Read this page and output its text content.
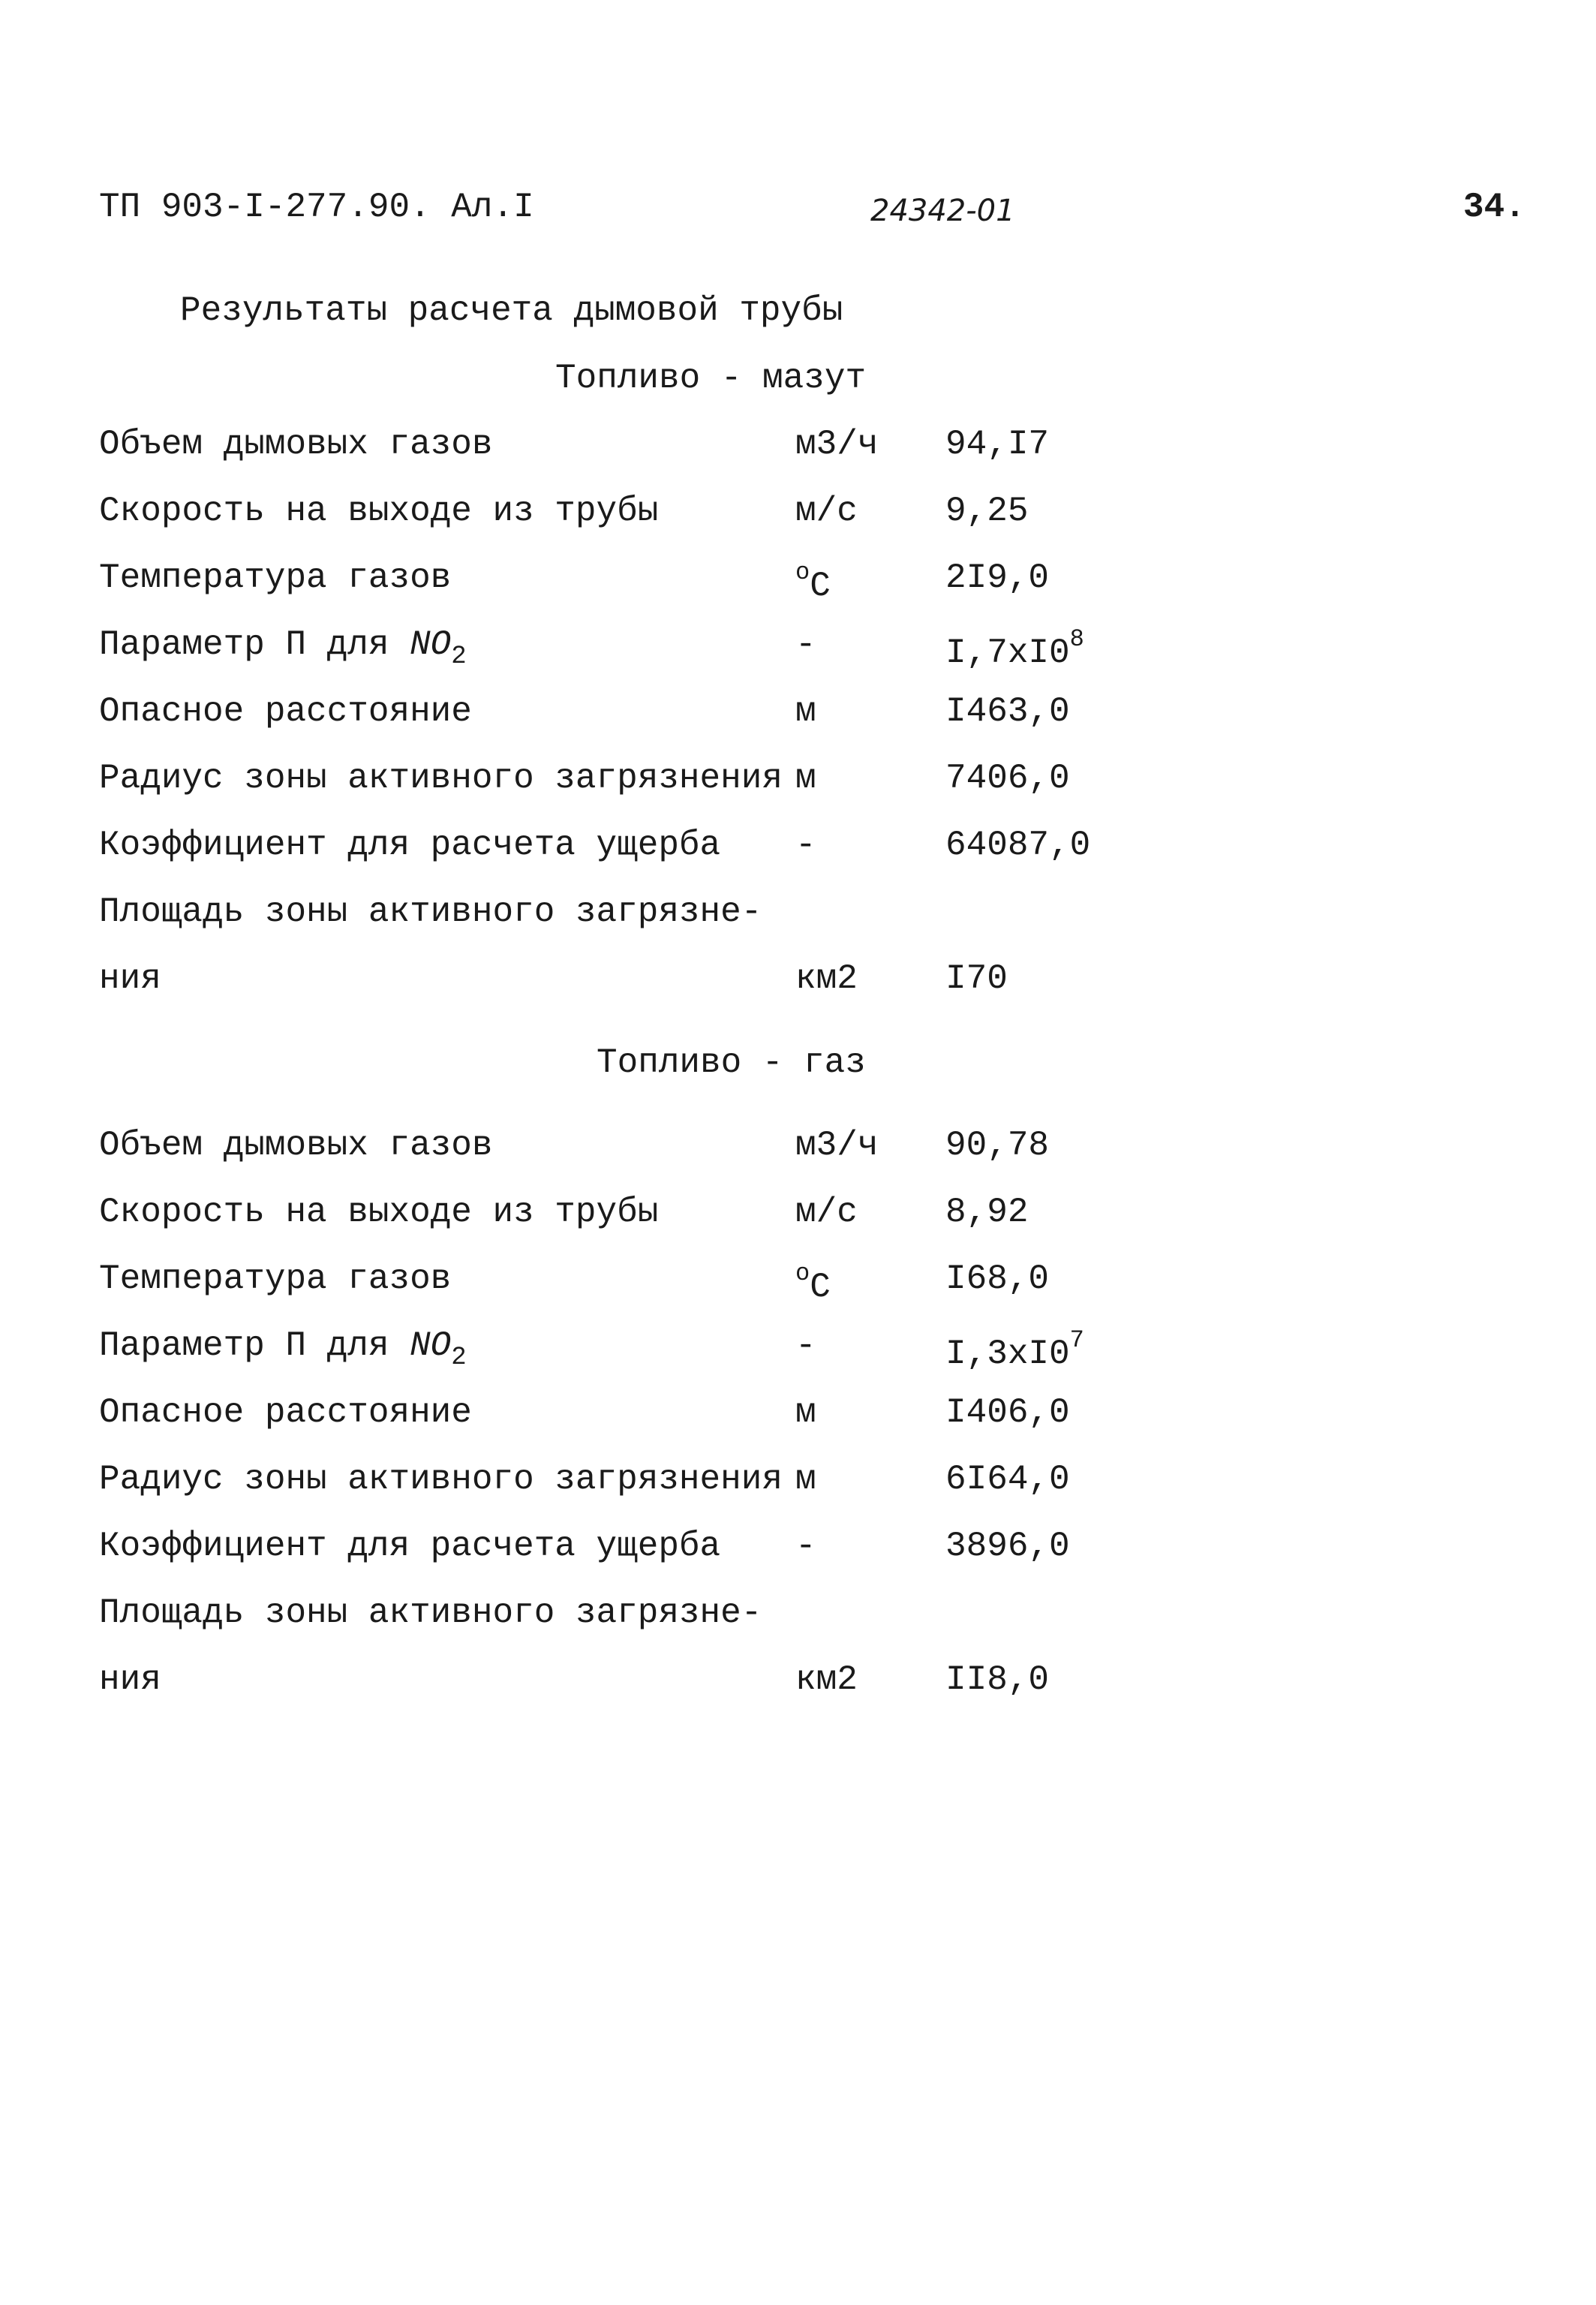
ТП 903-I-277.90. Ал.I	24342-01	34.
Результаты расчета дымовой трубы
Топливо - мазут
Объем дымовых газов	м3/ч 94,I7
Скорость на выходе из трубы	м/с	9,25
Температура газов	$^o$C	2I9,0
Параметр П для $NO_2$	-	$I,7xI0^8$
Опасное расстояние	м	I463,0
Радиус зоны активного загрязнения м	7406,0
Коэффициент для расчета ущерба -	64087,0
Площадь зоны активного загрязне-
ния	км2	I70
Топливо - газ
Объем дымовых газов	м3/ч 90,78
Скорость на выходе из трубы	м/с	8,92
Температура газов	$^o$C	I68,0
Параметр П для $NO_2$	-	$I,3xI0^7$
Опасное расстояние	м	I406,0
Радиус зоны активного загрязнения м	6I64,0
Коэффициент для расчета ущерба -	3896,0
Площадь зоны активного загрязне-
ния	км2	II8,0
